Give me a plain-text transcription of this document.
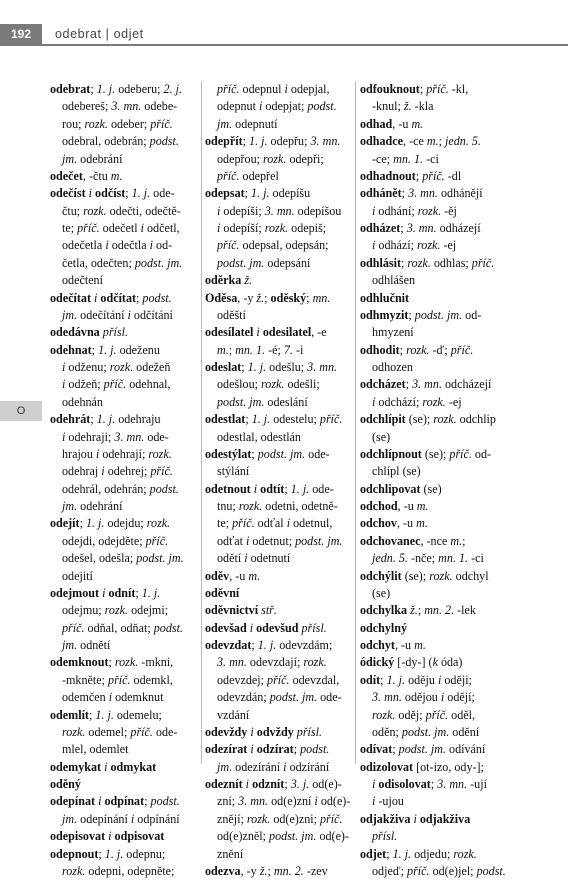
192	odebrat | odjet
O
odebrat; 1. j. odeberu; 2. j.
odebereš; 3. mn. odebe-
rou; rozk. odeber; příč.
odebral, odebrán; podst.
jm. odebrání
odečet, -čtu m.
odečíst i odčíst; 1. j. ode-
čtu; rozk. odečti, odečtě-
te; příč. odečetl i odčetl,
odečetla i odečtla i od-
četla, odečten; podst. jm.
odečtení
odečítat i odčítat; podst.
jm. odečítání i odčítání
odedávna přísl.
odehnat; 1. j. odeženu
i odženu; rozk. odežeň
i odžeň; příč. odehnal,
odehnán
odehrát; 1. j. odehraju
i odehraji; 3. mn. ode-
hrajou i odehrají; rozk.
odehraj i odehrej; příč.
odehrál, odehrán; podst.
jm. odehrání
odejít; 1. j. odejdu; rozk.
odejdi, odejděte; příč.
odešel, odešla; podst. jm.
odejití
odejmout i odnít; 1. j.
odejmu; rozk. odejmi;
příč. odňal, odňat; podst.
jm. odnětí
odemknout; rozk. -mkni,
-mkněte; příč. odemkl,
odemčen i odemknut
odemlít; 1. j. odemelu;
rozk. odemel; příč. ode-
mlel, odemlet
odemykat i odmykat
oděný
odepínat i odpínat; podst.
jm. odepínání i odpínání
odepisovat i odpisovat
odepnout; 1. j. odepnu;
rozk. odepni, odepněte;
příč. odepnul i odepjal,
odepnut i odepjat; podst.
jm. odepnutí
odepřít; 1. j. odepřu; 3. mn.
odepřou; rozk. odepři;
příč. odepřel
odepsat; 1. j. odepíšu
i odepíši; 3. mn. odepíšou
i odepíší; rozk. odepiš;
příč. odepsal, odepsán;
podst. jm. odepsání
oděrka ž.
Oděsa, -y ž.; oděský; mn.
oděští
odesílatel i odesilatel, -e
m.; mn. 1. -é; 7. -i
odeslat; 1. j. odešlu; 3. mn.
odešlou; rozk. odešli;
podst. jm. odeslání
odestlat; 1. j. odestelu; příč.
odestlal, odestlán
odestýlat; podst. jm. ode-
stýlání
odetnout i odtít; 1. j. ode-
tnu; rozk. odetni, odetně-
te; příč. odťal i odetnul,
odťat i odetnut; podst. jm.
odětí i odetnutí
oděv, -u m.
oděvní
oděvnictví stř.
odevšad i odevšud přísl.
odevzdat; 1. j. odevzdám;
3. mn. odevzdají; rozk.
odevzdej; příč. odevzdal,
odevzdán; podst. jm. ode-
vzdání
odevždy i odvždy přísl.
odezírat i odzírat; podst.
jm. odezírání i odzírání
odeznít i odznít; 3. j. od(e)-
zní; 3. mn. od(e)zní i od(e)-
znějí; rozk. od(e)zni; příč.
od(e)zněl; podst. jm. od(e)-
znění
odezva, -y ž.; mn. 2. -zev
odfouknout; příč. -kl,
-knul; ž. -kla
odhad, -u m.
odhadce, -ce m.; jedn. 5.
-ce; mn. 1. -ci
odhadnout; příč. -dl
odhánět; 3. mn. odhánějí
i odhání; rozk. -ěj
odházet; 3. mn. odházejí
i odhází; rozk. -ej
odhlásit; rozk. odhlas; příč.
odhlášen
odhlučnit
odhmyzit; podst. jm. od-
hmyzení
odhodit; rozk. -ď; příč.
odhozen
odcházet; 3. mn. odcházejí
i odchází; rozk. -ej
odchlípit (se); rozk. odchlip
(se)
odchlípnout (se); příč. od-
chlípl (se)
odchlipovat (se)
odchod, -u m.
odchov, -u m.
odchovanec, -nce m.;
jedn. 5. -nče; mn. 1. -ci
odchýlit (se); rozk. odchyl
(se)
odchylka ž.; mn. 2. -lek
odchylný
odchyt, -u m.
ódický [-dy-] (k óda)
odít; 1. j. oděju i oději;
3. mn. odějou i odějí;
rozk. oděj; příč. oděl,
oděn; podst. jm. odění
odívat; podst. jm. odívání
odizolovat [ot-izo, ody-];
i odisolovat; 3. mn. -ují
i -ujou
odjakživa i odjakživa
přísl.
odjet; 1. j. odjedu; rozk.
odjeď; příč. od(e)jel; podst.
